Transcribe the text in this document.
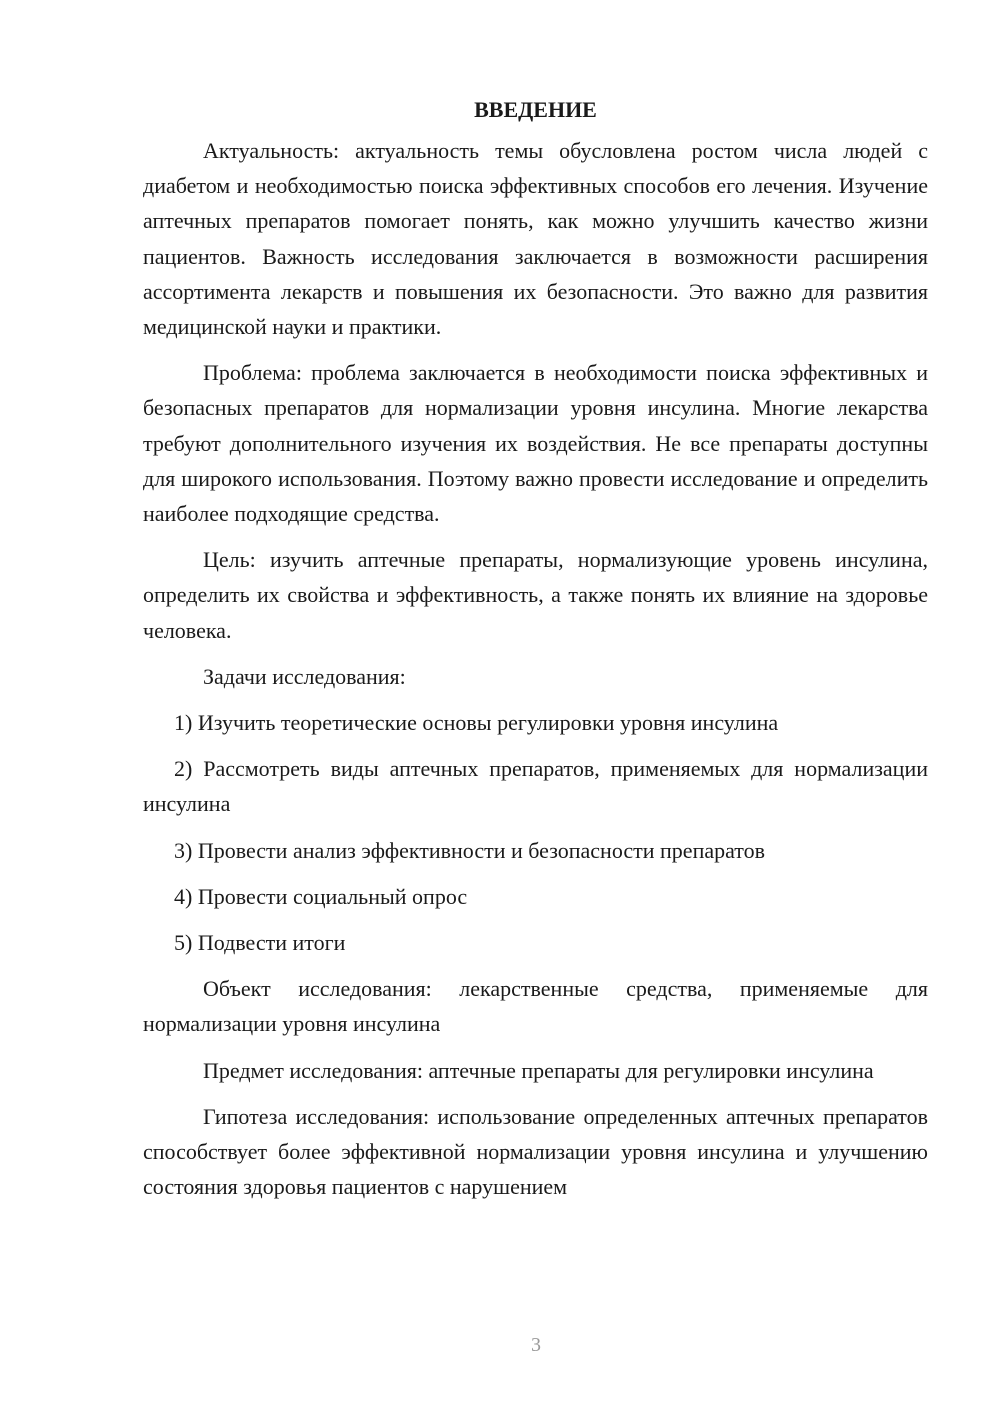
ВВЕДЕНИЕ

Актуальность: актуальность темы обусловлена ростом числа людей с диабетом и необходимостью поиска эффективных способов его лечения. Изучение аптечных препаратов помогает понять, как можно улучшить качество жизни пациентов. Важность исследования заключается в возможности расширения ассортимента лекарств и повышения их безопасности. Это важно для развития медицинской науки и практики.

Проблема: проблема заключается в необходимости поиска эффективных и безопасных препаратов для нормализации уровня инсулина. Многие лекарства требуют дополнительного изучения их воздействия. Не все препараты доступны для широкого использования. Поэтому важно провести исследование и определить наиболее подходящие средства.

Цель: изучить аптечные препараты, нормализующие уровень инсулина, определить их свойства и эффективность, а также понять их влияние на здоровье человека.

Задачи исследования:

1) Изучить теоретические основы регулировки уровня инсулина

2) Рассмотреть виды аптечных препаратов, применяемых для нормализации инсулина

3) Провести анализ эффективности и безопасности препаратов

4) Провести социальный опрос

5) Подвести итоги

Объект исследования: лекарственные средства, применяемые для нормализации уровня инсулина

Предмет исследования: аптечные препараты для регулировки инсулина

Гипотеза исследования: использование определенных аптечных препаратов способствует более эффективной нормализации уровня инсулина и улучшению состояния здоровья пациентов с нарушением

3
